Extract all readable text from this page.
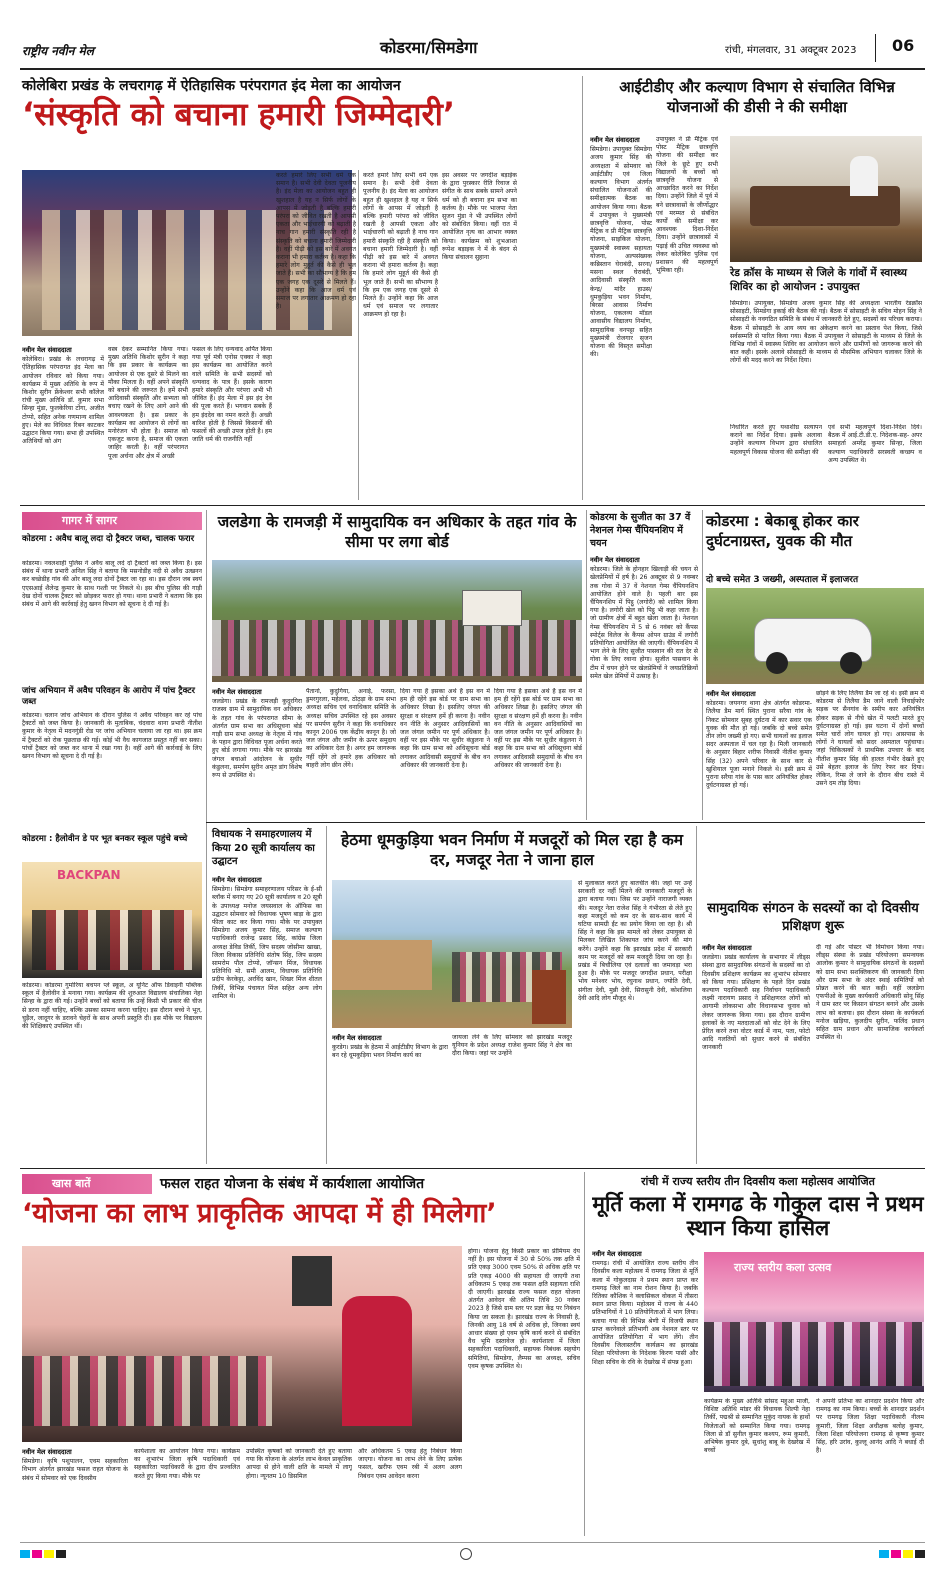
राष्ट्रीय नवीन मेल	कोडरमा/सिमडेगा	रांची, मंगलवार, 31 अक्टूबर 2023 06
कोलेबिरा प्रखंड के लचरागढ़ में ऐतिहासिक परंपरागत इंद मेला का आयोजन
‘संस्कृति को बचाना हमारी जिम्मेदारी’
नवीन मेल संवाददाता
कोलेबिरा। प्रखंड के लचरागढ़ में ऐतिहासिक परंपरागत इंद मेला का आयोजन रविवार को किया गया। कार्यक्रम में मुख्य अतिथि के रूप में किशोर सुरीन फ्रेंकेश्वर सभी कॉलेज रांची मुख्य अतिथि डॉ. कुमार सभा सिन्हा मुंडा, फुलकेरिया टोंगा, अजीत टोप्पो, सहित अनेक गणमान्य शामिल हुए। मेले का विधिवत रिबन काटकर उद्घाटन किया गया। सभा ही उपस्थित अतिथियों को अंग
वस्त्र देकर सम्मानित किया गया। मुख्य अतिथि किशोर सुरीन ने कहा कि इस प्रकार के कार्यक्रम का आयोजन से एक दूसरे से मिलने का मौका मिलता है। वहीं अपने संस्कृति को बचाने की जरूरत है। हमें सभी आदिवासी संस्कृति और सभ्यता को बचाए रखने के लिए आगे आने की आवश्यकता है। इस प्रकार के कार्यक्रम का आयोजन से लोगों का मनोरंजन भी होता है। समाज को एकजुट करना है, समाज की एकता जाहिर करती है। वहीं परंपरागत पूजा अर्चना और क्षेत्र में अच्छी
फसल के लिए धन्यवाद अर्पित किया गया पूर्व मंत्री एनोस एक्का ने कहा इस कार्यक्रम का आयोजित करने वाले समिति के सभी सदस्यों को धन्यवाद के पात्र हैं। इसके कारण हमारे संस्कृति और परंपरा अभी भी जीवित हैं। इंद मेला में इस इंद देव की पूजा करते हैं। भगवान सबके हैं हम इंददेव का नमन करते हैं। अच्छी बारिश होती है जिससे किसानों की फसलों की अच्छी उपज होती है। हम जाति धर्म की राजनीति नहीं
करते हमारे लिए सभी धर्म एक समान है। सभी देवी देवता पूजनीय है। इंद मेला का आयोजन बहुत ही खुशहाल है यह न सिर्फ लोगों के आपस में जोड़ती है बल्कि हमारी परंपरा को जीवित रखती है आपसी एकता और भाईचारगी को बढ़ाती है नाच गान हमारी संस्कृति रही है संस्कृति को बचाना हमारी जिम्मेदारी है। वहीं पीढ़ी को इस बारे में अवगत कराना भी हमारा कर्तव्य है। कहा कि हमारे लोग मुहूर्त की कैसे ही भूल जाते हैं। सभी का सौभाग्य है कि हम एक जगह एक दूसरे से मिलते हैं। उन्होंने कहा कि आज धर्म एवं समाज पर लगातार आक्रमण हो रहा है।
करते हमारे लिए सभी धर्म एक समान है। सभी देवी देवता पूजनीय है। इंद मेला का आयोजन बहुत ही खुशहाल है यह न सिर्फ लोगों के आपस में जोड़ती है बल्कि हमारी परंपरा को जीवित रखती है आपसी एकता और भाईचारगी को बढ़ाती है नाच गान हमारी संस्कृति रही है संस्कृति को बचाना हमारी जिम्मेदारी है। वहीं पीढ़ी को इस बारे में अवगत कराना भी हमारा कर्तव्य है। कहा कि हमारे लोग मुहूर्त की कैसे ही भूल जाते हैं। सभी का सौभाग्य है कि हम एक जगह एक दूसरे से मिलते हैं। उन्होंने कहा कि आज धर्म एवं समाज पर लगातार आक्रमण हो रहा है।
इस अवसर पर जगदीश बड़ाईक के द्वारा पुरस्कार रीति रिवाज से संगीत के साथ सबके सामने अपने धर्म को ही बचाना हम सभा का कर्तव्य है। मौके पर भाजपा नेता सुजन मुंडा ने भी उपस्थित लोगों को संबोधित किया। वहीं रात में आयोजित नृत्य का आभार व्यक्त किया। कार्यक्रम को शुभआशा रूपेश बड़ाइक ने में के बंदन से किया संचालन सुहाना
आईटीडीए और कल्याण विभाग से संचालित विभिन्न योजनाओं की डीसी ने की समीक्षा
नवीन मेल संवाददाता
सिमडेगा। उपायुक्त सिमडेगा अजय कुमार सिंह की अध्यक्षता में सोमवार को आईटीडीए एवं जिला कल्याण विभाग अंतर्गत संचालित योजनाओं की समीक्षात्मक बैठक का आयोजन किया गया। बैठक में उपायुक्त ने मुख्यमंत्री छात्रवृत्ति योजना, पोस्ट मैट्रिक व प्री मैट्रिक छात्रवृत्ति योजना, साइकिल योजना, मुख्यमंत्री स्वास्थ्य सहायता योजना, अल्पसंख्यक कब्रिस्तान घेराबंदी, सरना/मसना स्थल घेराबंदी, आदिवासी संस्कृति कला केन्द्र/ मांदैर हाउस/ धुमकुड़िया भवन निर्माण, बिरसा आवास निर्माण योजना, एकलव्य मॉडल आवासीय विद्यालय निर्माण, सामुदायिक वनपट्टा सहित मुख्यमंत्री रोजगार सृजन योजना की विस्तृत समीक्षा की।
उपायुक्त ने प्री मैट्रिक एवं पोस्ट मैट्रिक छात्रवृत्ति योजना की समीक्षा कर जिले के छूटे हुए सभी विद्यालयों के बच्चों को छात्रवृत्ति योजना से आच्छादित करने का निर्देश दिया। उन्होंने जिले में पूर्व में बने छात्रावासों के जीर्णोद्धार एवं मरम्मत से संबंधित कार्यों की समीक्षा कर आवश्यक दिशा-निर्देश दिया। उन्होंने छात्रावासों में पढ़ाई की उचित व्यवस्था को लेकर कोलेबिरा पुलिस एवं प्रशासन की महत्वपूर्ण भूमिका रही।	रेड क्रॉस के माध्यम से जिले के गांवों में स्वास्थ्य शिविर का हो आयोजन : उपायुक्त
सिमडेगा। उपायुक्त, सिमडेगा अजय कुमार सिंह की अध्यक्षता भारतीय रेडक्रॉस सोसाइटी, सिमडेगा इकाई की बैठक की गई। बैठक में सोसाइटी के सचिव मोहन सिंह ने सोसाइटी के नवगठित समिति के संबंध में जानकारी देते हुए, सदस्यों का परिचय कराया। बैठक में सोसाइटी के आय व्यय का अंकेक्षण करने का प्रस्ताव पेश किया, जिसे सर्वसम्मति से पारित किया गया। बैठक में उपायुक्त ने सोसाइटी के माध्यम से जिले के विभिन्न गांवों में स्वास्थ्य शिविर का आयोजन करने और ग्रामीणों को जागरूक करने की बात कही। इसके अलावे सोसाइटी के माध्यम से मौसमिक अभियान चलाकर जिले के लोगों की मदद करने का निर्देश दिया।
निर्धारित करते हुए यथाशीघ्र सत्यापन कराने का निर्देश दिया। इसके अलावा उन्होंने कल्याण विभाग द्वारा संचालित महत्वपूर्ण विकास योजना की समीक्षा की
एवं सभी महत्वपूर्ण दिशा-निर्देश दिये। बैठक में आई.टी.डी.ए. निदेशक-सह- अपर समाहर्ता अमरेंद्र कुमार सिन्हा, जिला कल्याण पदाधिकारी सरस्वती कच्छप व अन्य उपस्थित थे।
गागर में सागर
कोडरमा : अवैध बालू लदा दो ट्रैक्टर जब्त, चालक फरार
कोडरमा। नवलशाही पुलिस ने अवैध बालू लदे दो ट्रैक्टरों को जब्त किया है। इस संबंध में थाना प्रभारी अनिल सिंह ने बताया कि मसनोडीह नदी से अवैध उत्खनन कर बच्छेडीह गांव की ओर बालू लदा दोनों ट्रैक्टर जा रहा था। इस दौरान जब स्वयं एएसआई शैलेन्द्र कुमार के साथ गश्ती पर निकले थे। इस बीच पुलिस की गाड़ी देख दोनों चालक ट्रैक्टर को छोड़कर फरार हो गया। थाना प्रभारी ने बताया कि इस संबंध में आगे की कार्रवाई हेतु खनन विभाग को सूचना दे दी गई है।
जांच अभियान में अवैध परिवहन के आरोप में पांच ट्रैक्टर जब्त
कोडरमा। चलान जांच अभियान के दौरान पुलिस ने अवैध परिवहन कर रहे पांच ट्रैक्टरों को जब्त किया है। जानकारी के मुताबिक, चंदवारा थाना प्रभारी नीतीश कुमार के नेतृत्व में मदनगुंडी रोड पर जांच अभियान चलाया जा रहा था। इस क्रम में ट्रैक्टरों को रोक पूछताछ की गई। कोई भी वैध कागजात प्रस्तुत नहीं कर सका। पांचों ट्रैक्टर को जब्त कर थाना में रखा गया है। वहीं आगे की कार्रवाई के लिए खनन विभाग को सूचना दे दी गई है।
कोडरमा : हैलोवीन डे पर भूत बनकर स्कूल पहुंचे बच्चे
BACKPAN
कोडरमा। कोडरमा गुमोरिया बचपन प्ले स्कूल, अ यूनिट ऑफ डिवाइनी पब्लिक स्कूल में हैलोवीन डे मनाया गया। कार्यक्रम की शुरुआत विद्यालय संचालिका नेहा सिन्हा के द्वारा की गई। उन्होंने बच्चों को बताया कि उन्हें किसी भी प्रकार की चीज से डरना नहीं चाहिए, बल्कि उसका सामना करना चाहिए। इस दौरान बच्चे ने भूत, चुड़ैल, जादूगर के डरावने चेहरों के साथ अपनी प्रस्तुति दी। इस मौके पर विद्यालय की शिक्षिकाएं उपस्थित थीं।
जलडेगा के रामजड़ी में सामुदायिक वन अधिकार के तहत गांव के सीमा पर लगा बोर्ड
नवीन मेल संवाददाता
जलडेगा। प्रखंड के रामजड़ी कुदुरगिरा राजस्व ग्राम में सामुदायिक वन अधिकार के तहत गांव के परंपरागत सीमा के अंतर्गत ग्राम सभा का अधिसूचना बोर्ड गाड़ी ग्राम सभा अध्यक्ष के नेतृत्व में गांव के पहान द्वारा विधिवत पूजा अर्चना करते हुए बोर्ड लगाया गया। मौके पर झारखंड जंगल बचाओ आंदोलन के सुधीर कंडुलना, समर्पण सुरीन अमृत डांग विशेष रूप से उपस्थित थे।
पैतानो, कुदुगिया, अनाई, फरसा, डुमरगुरला, महेलवा, ठोठ़ड़ा के ग्राम सभा अध्यक्ष सचिव एवं वनाधिकार समिति के अध्यक्ष सचिव उपस्थित रहे इस अवसर पर समर्पण सुरीन ने कहा कि वनाधिकार कानून 2006 एक केंद्रीय कानून है। जो जल जंगल और जमीन के ऊपर समुदाय का अधिकार देता है। अगर हम जागरूक नहीं रहेंगे तो हमारे हक अधिकार को बाहरी लोग छीन लेंगे।
दिया गया है इसका अर्थ है इस वन में हम ही रहेंगे इस बोर्ड पर ग्राम सभा का अधिकार लिखा है। इसलिए जंगल की सुरक्षा व संरक्षण हमें ही करना है। नवीन वन नीति के अनुसार आदिवासियों का जल जंगल जमीन पर पूर्ण अधिकार है। वहीं पर इस मौके पर सुधीर कंडुलना ने कहा कि ग्राम सभा को अधिसूचना बोर्ड लगाकर आदिवासी समुदायों के बीच वन अधिकार की जानकारी देना है।
दिया गया है इसका अर्थ है इस वन में हम ही रहेंगे इस बोर्ड पर ग्राम सभा का अधिकार लिखा है। इसलिए जंगल की सुरक्षा व संरक्षण हमें ही करना है। नवीन वन नीति के अनुसार आदिवासियों का जल जंगल जमीन पर पूर्ण अधिकार है। वहीं पर इस मौके पर सुधीर कंडुलना ने कहा कि ग्राम सभा को अधिसूचना बोर्ड लगाकर आदिवासी समुदायों के बीच वन अधिकार की जानकारी देना है।
कोडरमा के सुजीत का 37 वें नेशनल गेम्स चैंपियनशिप में चयन
नवीन मेल संवाददाता
कोडरमा। जिले के होनहार खिलाड़ी की चयन से खेलप्रेमियों में हर्ष है। 26 अक्टूबर से 9 नवम्बर तक गोवा में 37 वें नेशनल गेम्स चैंपियनशिप आयोजित होने वाले है। पहली बार इस चैंपियनशिप में पिट्ठू (लगोरी) को शामिल किया गया है। लगोरी खेल को पिट्ठू भी कहा जाता है। जो ग्रामीण क्षेत्रों में बहुत खेला जाता है। नेशनल गेम्स चैंपियनशिप में 5 से 6 नवंबर को कैंपस स्पोर्ट्स विलेज के कैंपस ओपन ग्राउंड में लगोरी प्रतियोगिता आयोजित की जाएगी। चैंपियनशिप में भाग लेने के लिए सुजीत पासवान की रात देर से गोवा के लिए रवाना होगा। सुजीत पासवान के टीम में चयन होने पर खेलप्रेमियों ने जयप्रतिक्रियों समेत खेल प्रेमियों में उत्साह है।
कोडरमा : बेकाबू होकर कार दुर्घटनाग्रस्त, युवक की मौत
दो बच्चे समेत 3 जख्मी, अस्पताल में इलाजरत
नवीन मेल संवाददाता
कोडरमा। जयनगर थाना क्षेत्र अंतर्गत कोडरमा-तिलैया डैम मार्ग स्थित पुराना सरैया गांव के निकट सोमवार सुबह दुर्घटना में कार सवार एक युवक की मौत हो गई। जबकि दो बच्चे समेत तीन लोग जख्मी हो गए। सभी घायलों का इलाज सदर अस्पताल में चल रहा है। मिली जानकारी के अनुसार बिहार शरीफ निवासी नीतीश कुमार सिंह (32) अपने परिवार के साथ कार से खुशियाल पूजा मनाने निकले थे। इसी क्रम में पुराना सरैया गांव के पास कार अनियंत्रित होकर दुर्घटनाग्रस्त हो गई।
छोड़ने के लिए तिलैया डैम जा रहे थे। इसी क्रम में कोडरमा से तिलैया डैम जाने वाली निचाईफोर सड़क पर सैनगांव के समीप कार अनियंत्रित होकर सड़क से नीचे खेत में पलटी मारते हुए दुर्घटनाग्रस्त हो गई। इस घटना में दोनों बच्चों समेत चारों लोग घायल हो गए। आसपास के लोगों ने घायलों को सदर अस्पताल पहुंचाया। जहां चिकित्सकों ने प्राथमिक उपचार के बाद नीतीश कुमार सिंह की हालत गंभीर देखते हुए उसे बेहतर इलाज के लिए रेफर कर दिया। लेकिन, रिम्स ले जाने के दौरान बीच रास्ते में उसने दम तोड़ दिया।
विधायक ने समाहरणालय में किया 20 सूत्री कार्यालय का उद्घाटन
नवीन मेल संवाददाता
सिमडेगा। सिमडेगा समाहरणालय परिसर के ई-सी ब्लॉक में बनाए गए 20 सूत्री कार्यालय व 20 सूत्री के उपाध्यक्ष मनोज जयसवाल के ऑफिस का उद्घाटन सोमवार को विधायक भूषण बाड़ा के द्वारा फीता काट कर किया गया। मौके पर उपायुक्त सिमडेगा अजय कुमार सिंह, समाज कल्याण पदाधिकारी राजेन्द्र प्रसाद सिंह, कांग्रेस जिला अध्यक्ष डेविड तिर्की, जिप सदस्य जोसीमा खाखा, जिला विकास प्रतिनिधि संतोष सिंह, जिप सदस्य सामरोम पौल टोप्पो, जॉन्सन मिंज, विधायक प्रतिनिधि मो. समी आलम, विधायक प्रतिनिधि प्रदीप केरकेट्टा, अरविंद खान, शिखर मिंज शीतल तिर्की, विभिन्न पंचायत मिंज सहित अन्य लोग शामिल थे।
हेठमा धूमकुड़िया भवन निर्माण में मजदूरों को मिल रहा है कम दर, मजदूर नेता ने जाना हाल
नवीन मेल संवाददाता
कुरडेग। प्रखंड के हेठमा में आईटीडीए विभाग के द्वारा बन रहे धूमकुड़िया भवन निर्माण कार्य का
जायजा लेने के लिए सोमवार को झारखंड मजदूर यूनियन के प्रदेश अध्यक्ष राजेश कुमार सिंह ने क्षेत्र का दौरा किया। जहां पर उन्होंने
से मुलाकात करते हुए बातचीत की। जहां पर उन्हें सरकारी दर नहीं मिलने की जानकारी मजदूरों के द्वारा बताया गया। जिस पर उन्होंने नाराजगी व्यक्त की। मजदूर नेता राजेश सिंह ने गंभीरता से लेते हुए कहा मजदूरों को कम दर के साथ-साथ कार्य में घटिया सामग्री ईंट का प्रयोग किया जा रहा है। श्री सिंह ने कहा कि इस मामले को लेकर उपायुक्त से मिलकर लिखित शिकायत जांच करने की मांग करेंगे। उन्होंने कहा कि झारखंड प्रदेश में सरकारी काम पर मजदूरों को कम मजदूरी दिया जा रहा है। प्रखंड में बिचौलिया एवं दलालों का जमावड़ा भरा हुआ है। मौके पर मजदूर जगदीश प्रधान, परीक्षा भोय मनेश्वर भोय, रघुनाथ प्रधान, ज्योति देवी, संगीता देवी, मुन्नी देवी, सिरासुनी देवी, कोशलिया देवी आदि लोग मौजूद थे।
सामुदायिक संगठन के सदस्यों का दो दिवसीय प्रशिक्षण शुरू
नवीन मेल संवाददाता
जलडेगा। प्रखंड कार्यालय के सभागार में लीड्स संस्था द्वारा सामुदायिक संगठनों के सदस्यों का दो दिवसीय प्रशिक्षण कार्यक्रम का शुभारंभ सोमवार को किया गया। प्रशिक्षण के पहले दिन प्रखंड कल्याण पदाधिकारी सह निर्वाचन पदाधिकारी लक्ष्मी नारायण प्रसाद ने प्रशिक्षणरत लोगों को आगामी लोकसभा और विधानसभा चुनाव को लेकर जागरूक किया गया। इस दौरान ग्रामीण इलाकों के नए मतदाताओं को वोट देने के लिए प्रेरित करने तथा वोटर कार्ड में नाम, पता, फोटो आदि गलतियों को सुधार करने से संबंधित जानकारी
दी गई और पोस्टर भी विमोचन किया गया। लीड्स संस्था के प्रखंड परियोजना समन्वयक आलोक कुमार ने सामुदायिक संगठनों के सदस्यों को ग्राम सभा सशक्तिकरण की जानकारी दिया और ग्राम सभा के अंदर स्थाई समितियों को प्रोन्नत करने की बात कही। वहीं जलडेगा एफपीओ के मुख्य कार्यकारी अधिकारी सोनू सिंह ने ग्राम स्तर पर किसान संगठन बनाने और उसके लाभ को बताया। इस दौरान संस्था के कार्यकर्ता मनोज खड़िया, कुलदीप सुरीन, फलिंद प्रधान सहित ग्राम प्रधान और सामाजिक कार्यकर्ता उपस्थित थे।
खास बातें	फसल राहत योजना के संबंध में कार्यशाला आयोजित
‘योजना का लाभ प्राकृतिक आपदा में ही मिलेगा’
नवीन मेल संवाददाता
सिमडेगा। कृषि पशुपालन, एवम सहकारिता विभाग अंतर्गत झारखंड फसल राहत योजना के संबंध में सोमवार को एक दिवसीय
कार्यशाला का आयोजन किया गया। कार्यक्रम का शुभारंभ जिला कृषि पदाधिकारी एवं सहकारिता पदाधिकारी के द्वारा दीप प्रज्वलित करते हुए किया गया। मौके पर
उपस्थित कृषकों को जानकारी देते हुए बताया गया कि योजना के अंतर्गत लाभ केवल प्राकृतिक आपदा से होने वाली क्षति के मामले में लागू होगा। न्यूनतम 10 डिसमिल
और अधिकतम 5 एकड़ हेतु निबंधन किया जाएगा। योजना का लाभ लेने के लिए प्रत्येक फसल, खरीफ एवम रबी में अलग अलग निबंधन एवम आवेदन करना
होगा। योजना हेतु किसी प्रकार का प्रीमियम देय नहीं है। इस योजना में 30 से 50% तक क्षति में प्रति एकड़ 3000 एवम 50% से अधिक क्षति पर प्रति एकड़ 4000 की सहायता दी जाएगी तथा अधिकतम 5 एकड़ तक फसल क्षति सहायता राशि दी जाएगी। झारखंड राज्य फसल राहत योजना अंतर्गत आवेदन की अंतिम तिथि 30 नवंबर 2023 है जिसे ग्राम स्तर पर प्रज्ञा केंद्र पर निबंधन किया जा सकता है। झारखंड राज्य के निवासी है, जिनकी आयु 18 वर्ष से अधिक हो, जिनका स्वयं आधार संख्या हो एवम कृषि कार्य करने से संबंधित वैध भूमि दस्तावेज हो। कार्यशाला में जिला सहकारिता पदाधिकारी, सहायक निबंधक सहयोग समितियां, सिमडेगा, लैम्पस का अध्यक्ष, सचिव एवम कृषक उपस्थित थे।
रांची में राज्य स्तरीय तीन दिवसीय कला महोत्सव आयोजित
मूर्ति कला में रामगढ के गोकुल दास ने प्रथम स्थान किया हासिल
नवीन मेल संवाददाता
रामगढ़। रांची में आयोजित राज्य स्तरीय तीन दिवसीय कला महोत्सव में रामगढ़ जिला से मूर्ति कला में गोकुलदास ने प्रथम स्थान प्राप्त कर रामगढ़ जिले का नाम रोशन किया है। जबकि रितिका कौशिक ने क्लासिकल वोकल में तीसरा स्थान प्राप्त किया। महोत्सव में राज्य के 440 प्रतिभागियों ने 10 प्रतियोगिताओं में भाग लिया। बताया गया की विभिन्न श्रेणी में विजयी स्थान प्राप्त करनेवाले प्रतिभागी अब नेशनल स्तर पर आयोजित प्रतियोगिता में भाग लेंगे। तीन दिवसीय जिलास्तरीय कार्यक्रम का झारखंड शिक्षा परियोजना के निदेशक किरण पासी और शिक्षा सचिव के रवि के देखरेख में संपन्न हुआ।
राज्य स्तरीय कला उत्सव
कार्यक्रम के मुख्य अतिथि सांसद महुआ माजी, विशिष्ट अतिथि मांडर की विधायक शिल्पी नेहा तिर्की, पद्मश्री से सम्मानित मुकुंद नायक के हाथों विजेताओं को सम्मानित किया गया। रामगढ़ जिला से डॉ सुनील कुमार कश्यप, रूम कुमारी, अभिषेक कुमार दुबे, सुधांशु बाबू के देखरेख में बच्चों
ने अपनी प्रतिभा का शानदार प्रदर्शन किया और रामगढ़ का नाम किया। बच्चों के शानदार प्रदर्शन पर रामगढ़ जिला शिक्षा पदाधिकारी नीलम कुमारी, जिला शिक्षा अधीक्षक बलोह कुमार, जिला शिक्षा परियोजना रामगढ़ से कृष्णा कुमार सिंह, हरि उरांव, कुल्लू आनंद आदि ने बधाई दी है।
